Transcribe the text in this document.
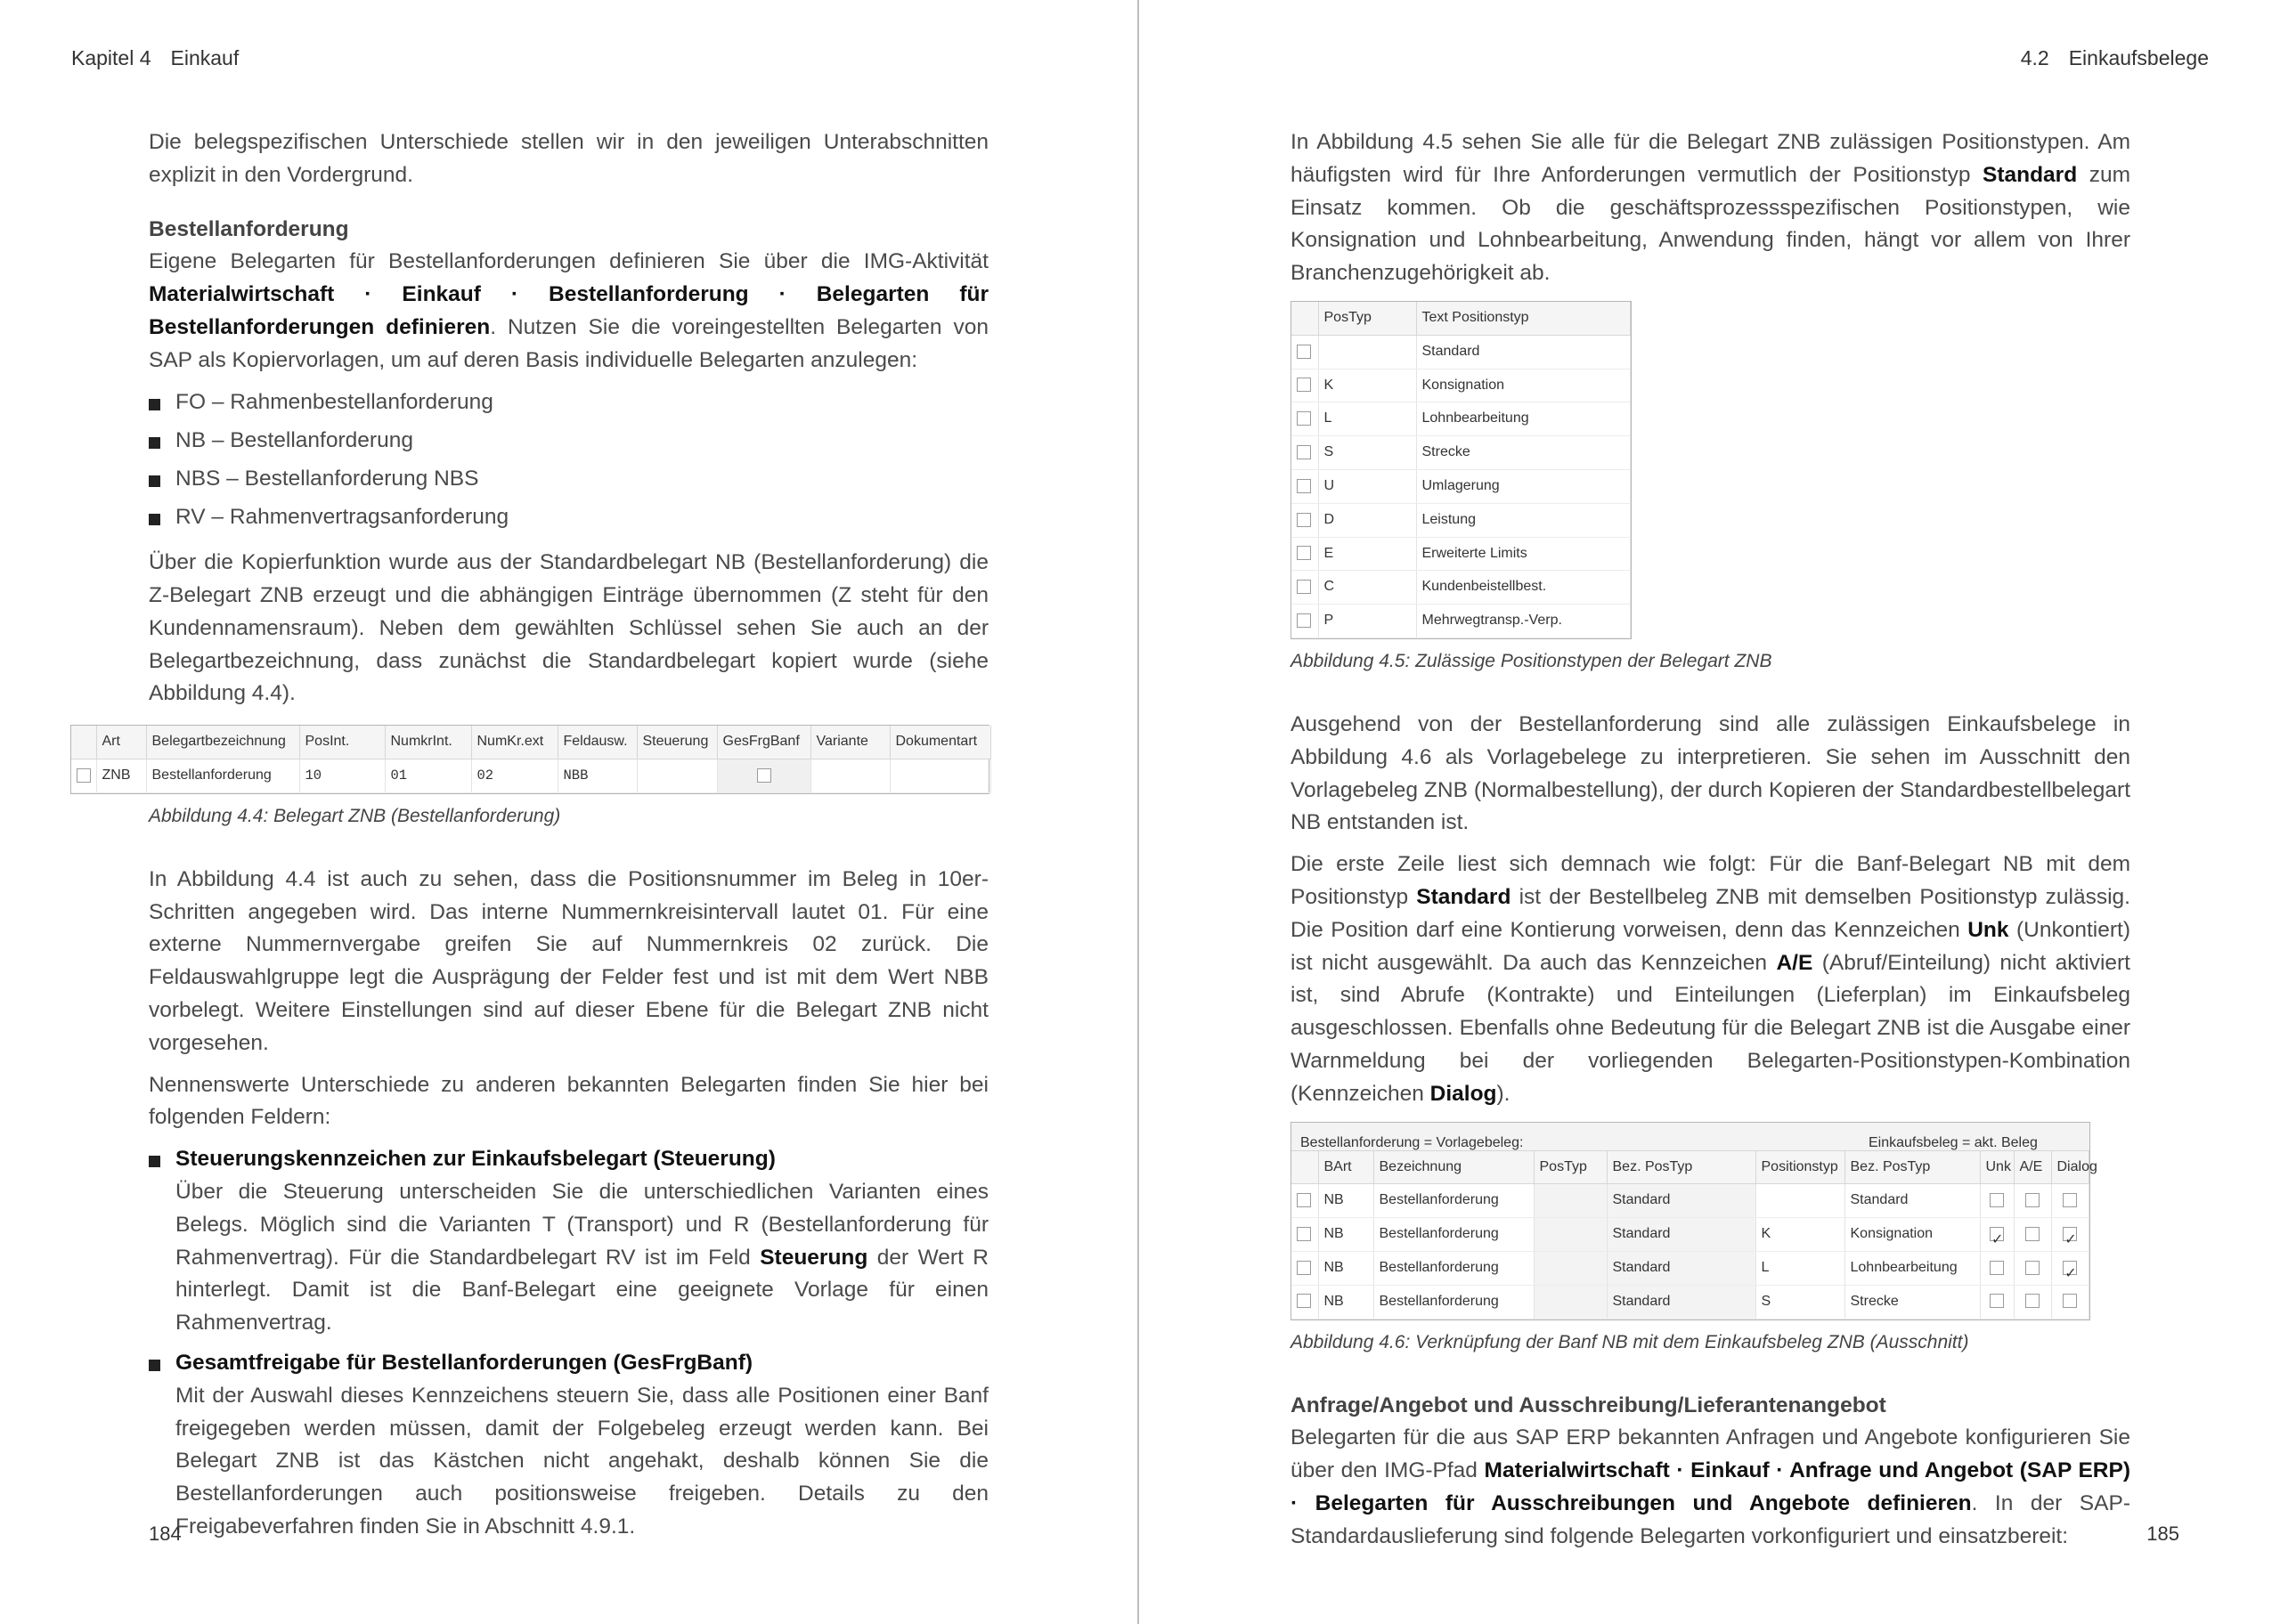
Kapitel 4 Einkauf

Die belegspezifischen Unterschiede stellen wir in den jeweiligen Unterabschnitten explizit in den Vordergrund.

Bestellanforderung

Eigene Belegarten für Bestellanforderungen definieren Sie über die IMG-Aktivität Materialwirtschaft · Einkauf · Bestellanforderung · Belegarten für Bestellanforderungen definieren. Nutzen Sie die voreingestellten Belegarten von SAP als Kopiervorlagen, um auf deren Basis individuelle Belegarten anzulegen:

FO – Rahmenbestellanforderung
NB – Bestellanforderung
NBS – Bestellanforderung NBS
RV – Rahmenvertragsanforderung

Über die Kopierfunktion wurde aus der Standardbelegart NB (Bestellanforderung) die Z-Belegart ZNB erzeugt und die abhängigen Einträge übernommen (Z steht für den Kundennamensraum). Neben dem gewählten Schlüssel sehen Sie auch an der Belegartbezeichnung, dass zunächst die Standardbelegart kopiert wurde (siehe Abbildung 4.4).

	Art	Belegartbezeichnung	PosInt.	NumkrInt.	NumKr.ext	Feldausw.	Steuerung	GesFrgBanf	Variante	Dokumentart
	ZNB	Bestellanforderung	10	01	02	NBB				
Abbildung 4.4: Belegart ZNB (Bestellanforderung)

In Abbildung 4.4 ist auch zu sehen, dass die Positionsnummer im Beleg in 10er-Schritten angegeben wird. Das interne Nummernkreisintervall lautet 01. Für eine externe Nummernvergabe greifen Sie auf Nummernkreis 02 zurück. Die Feldauswahlgruppe legt die Ausprägung der Felder fest und ist mit dem Wert NBB vorbelegt. Weitere Einstellungen sind auf dieser Ebene für die Belegart ZNB nicht vorgesehen.

Nennenswerte Unterschiede zu anderen bekannten Belegarten finden Sie hier bei folgenden Feldern:

Steuerungskennzeichen zur Einkaufsbelegart (Steuerung)
Über die Steuerung unterscheiden Sie die unterschiedlichen Varianten eines Belegs. Möglich sind die Varianten T (Transport) und R (Bestellanforderung für Rahmenvertrag). Für die Standardbelegart RV ist im Feld Steuerung der Wert R hinterlegt. Damit ist die Banf-Belegart eine geeignete Vorlage für einen Rahmenvertrag.
Gesamtfreigabe für Bestellanforderungen (GesFrgBanf)
Mit der Auswahl dieses Kennzeichens steuern Sie, dass alle Positionen einer Banf freigegeben werden müssen, damit der Folgebeleg erzeugt werden kann. Bei Belegart ZNB ist das Kästchen nicht angehakt, deshalb können Sie die Bestellanforderungen auch positionsweise freigeben. Details zu den Freigabeverfahren finden Sie in Abschnitt 4.9.1.
184
4.2 Einkaufsbelege

In Abbildung 4.5 sehen Sie alle für die Belegart ZNB zulässigen Positionstypen. Am häufigsten wird für Ihre Anforderungen vermutlich der Positionstyp Standard zum Einsatz kommen. Ob die geschäftsprozessspezifischen Positionstypen, wie Konsignation und Lohnbearbeitung, Anwendung finden, hängt vor allem von Ihrer Branchenzugehörigkeit ab.

	PosTyp	Text Positionstyp
		Standard
	K	Konsignation
	L	Lohnbearbeitung
	S	Strecke
	U	Umlagerung
	D	Leistung
	E	Erweiterte Limits
	C	Kundenbeistellbest.
	P	Mehrwegtransp.-Verp.
Abbildung 4.5: Zulässige Positionstypen der Belegart ZNB

Ausgehend von der Bestellanforderung sind alle zulässigen Einkaufsbelege in Abbildung 4.6 als Vorlagebelege zu interpretieren. Sie sehen im Ausschnitt den Vorlagebeleg ZNB (Normalbestellung), der durch Kopieren der Standardbestellbelegart NB entstanden ist.

Die erste Zeile liest sich demnach wie folgt: Für die Banf-Belegart NB mit dem Positionstyp Standard ist der Bestellbeleg ZNB mit demselben Positionstyp zulässig. Die Position darf eine Kontierung vorweisen, denn das Kennzeichen Unk (Unkontiert) ist nicht ausgewählt. Da auch das Kennzeichen A/E (Abruf/Einteilung) nicht aktiviert ist, sind Abrufe (Kontrakte) und Einteilungen (Lieferplan) im Einkaufsbeleg ausgeschlossen. Ebenfalls ohne Bedeutung für die Belegart ZNB ist die Ausgabe einer Warnmeldung bei der vorliegenden Belegarten-Positionstypen-Kombination (Kennzeichen Dialog).

Bestellanforderung = Vorlagebeleg:	Einkaufsbeleg = akt. Beleg
	BArt	Bezeichnung	PosTyp	Bez. PosTyp	Positionstyp	Bez. PosTyp	Unk	A/E	Dialog
	NB	Bestellanforderung		Standard		Standard			
	NB	Bestellanforderung		Standard	K	Konsignation	✓		✓
	NB	Bestellanforderung		Standard	L	Lohnbearbeitung			✓
	NB	Bestellanforderung		Standard	S	Strecke			
Abbildung 4.6: Verknüpfung der Banf NB mit dem Einkaufsbeleg ZNB (Ausschnitt)
Anfrage/Angebot und Ausschreibung/Lieferantenangebot

Belegarten für die aus SAP ERP bekannten Anfragen und Angebote konfigurieren Sie über den IMG-Pfad Materialwirtschaft · Einkauf · Anfrage und Angebot (SAP ERP) · Belegarten für Ausschreibungen und Angebote definieren. In der SAP-Standardauslieferung sind folgende Belegarten vorkonfiguriert und einsatzbereit:	185
